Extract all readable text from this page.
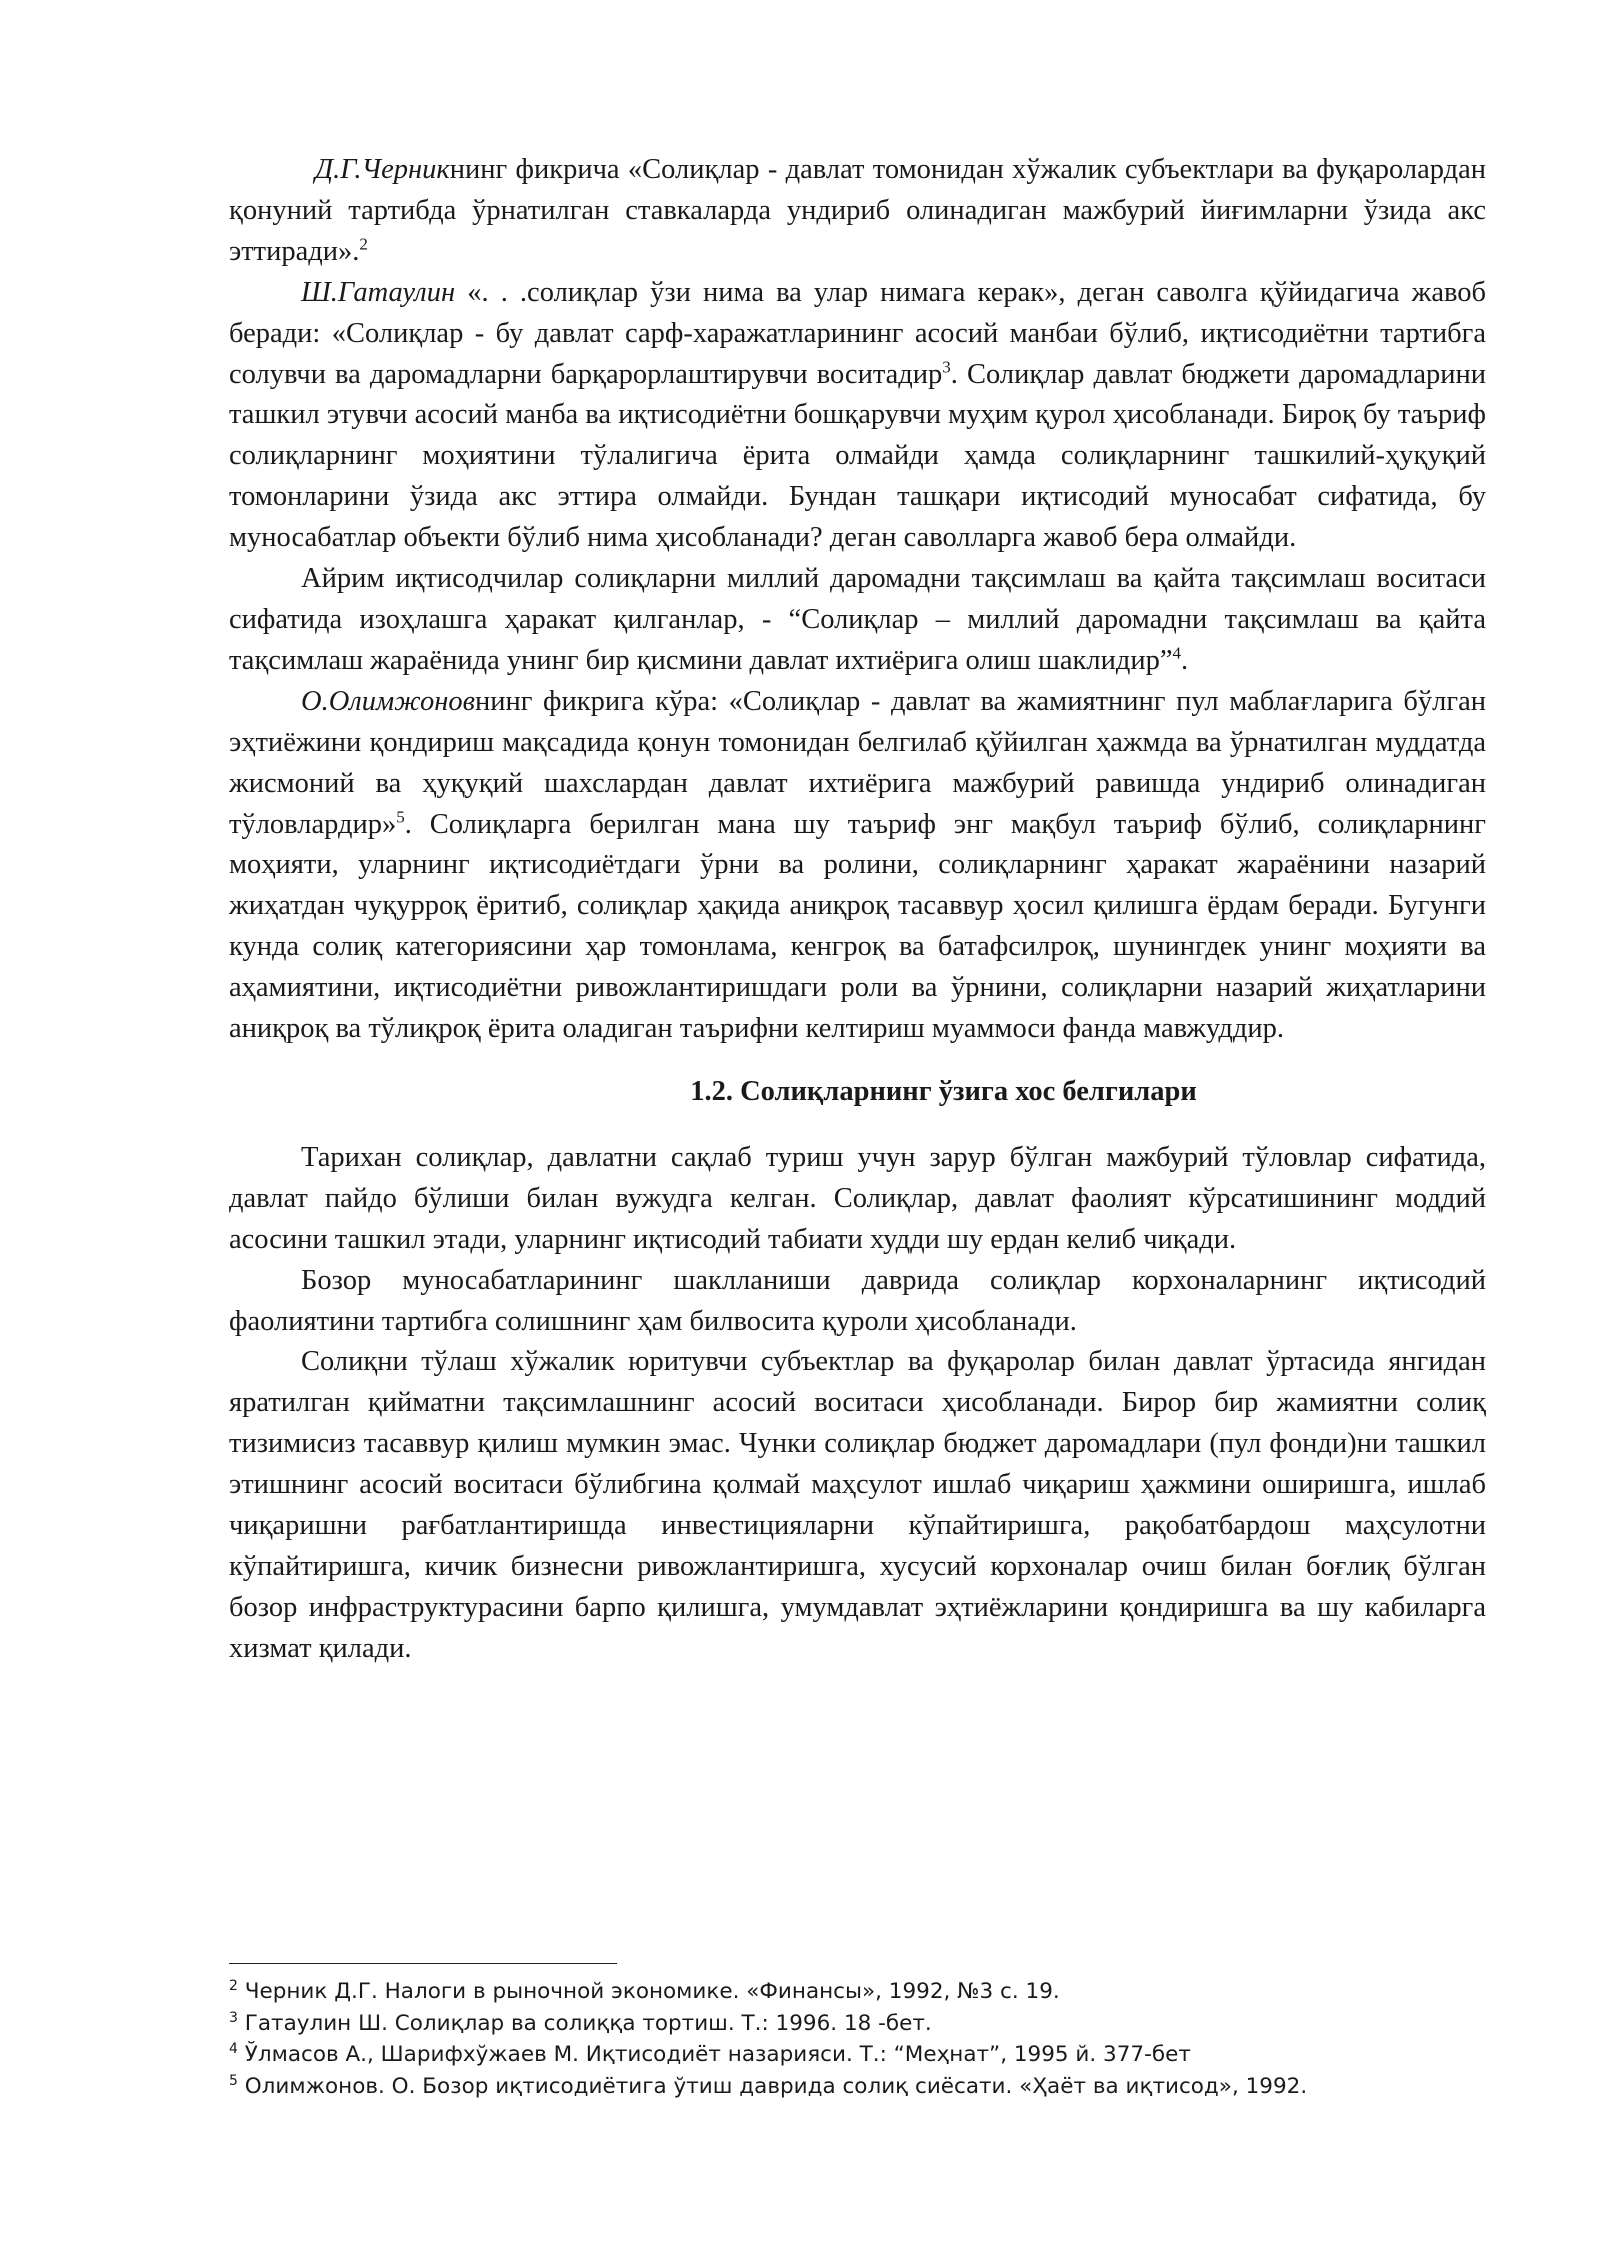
Д.Г.Черникнинг фикрича «Солиқлар - давлат томонидан хўжалик субъектлари ва фуқаролардан қонуний тартибда ўрнатилган ставкаларда ундириб олинадиган мажбурий йиғимларни ўзида акс эттиради».$^2$

Ш.Гатаулин «. . .солиқлар ўзи нима ва улар нимага керак», деган саволга қўйидагича жавоб беради: «Солиқлар - бу давлат сарф-харажатларининг асосий манбаи бўлиб, иқтисодиётни тартибга солувчи ва даромадларни барқарорлаштирувчи воситадир$^3$. Солиқлар давлат бюджети даромадларини ташкил этувчи асосий манба ва иқтисодиётни бошқарувчи муҳим қурол ҳисобланади. Бироқ бу таъриф солиқларнинг моҳиятини тўлалигича ёрита олмайди ҳамда солиқларнинг ташкилий-ҳуқуқий томонларини ўзида акс эттира олмайди. Бундан ташқари иқтисодий муносабат сифатида, бу муносабатлар объекти бўлиб нима ҳисобланади? деган саволларга жавоб бера олмайди.

Айрим иқтисодчилар солиқларни миллий даромадни тақсимлаш ва қайта тақсимлаш воситаси сифатида изоҳлашга ҳаракат қилганлар, - “Солиқлар – миллий даромадни тақсимлаш ва қайта тақсимлаш жараёнида унинг бир қисмини давлат ихтиёрига олиш шаклидир”$^4$.

О.Олимжоновнинг фикрига кўра: «Солиқлар - давлат ва жамиятнинг пул маблағларига бўлган эҳтиёжини қондириш мақсадида қонун томонидан белгилаб қўйилган ҳажмда ва ўрнатилган муддатда жисмоний ва ҳуқуқий шахслардан давлат ихтиёрига мажбурий равишда ундириб олинадиган тўловлардир»$^5$. Солиқларга берилган мана шу таъриф энг мақбул таъриф бўлиб, солиқларнинг моҳияти, уларнинг иқтисодиётдаги ўрни ва ролини, солиқларнинг ҳаракат жараёнини назарий жиҳатдан чуқурроқ ёритиб, солиқлар ҳақида аниқроқ тасаввур ҳосил қилишга ёрдам беради. Бугунги кунда солиқ категориясини ҳар томонлама, кенгроқ ва батафсилроқ, шунингдек унинг моҳияти ва аҳамиятини, иқтисодиётни ривожлантиришдаги роли ва ўрнини, солиқларни назарий жиҳатларини аниқроқ ва тўлиқроқ ёрита оладиган таърифни келтириш муаммоси фанда мавжуддир.

1.2. Солиқларнинг ўзига хос белгилари

Тарихан солиқлар, давлатни сақлаб туриш учун зарур бўлган мажбурий тўловлар сифатида, давлат пайдо бўлиши билан вужудга келган. Солиқлар, давлат фаолият кўрсатишининг моддий асосини ташкил этади, уларнинг иқтисодий табиати худди шу ердан келиб чиқади.

Бозор муносабатларининг шаклланиши даврида солиқлар корхоналарнинг иқтисодий фаолиятини тартибга солишнинг ҳам билвосита қуроли ҳисобланади.

Солиқни тўлаш хўжалик юритувчи субъектлар ва фуқаролар билан давлат ўртасида янгидан яратилган қийматни тақсимлашнинг асосий воситаси ҳисобланади. Бирор бир жамиятни солиқ тизимисиз тасаввур қилиш мумкин эмас. Чунки солиқлар бюджет даромадлари (пул фонди)ни ташкил этишнинг асосий воситаси бўлибгина қолмай маҳсулот ишлаб чиқариш ҳажмини оширишга, ишлаб чиқаришни рағбатлантиришда инвестицияларни кўпайтиришга, рақобатбардош маҳсулотни кўпайтиришга, кичик бизнесни ривожлантиришга, хусусий корхоналар очиш билан боғлиқ бўлган бозор инфраструктурасини барпо қилишга, умумдавлат эҳтиёжларини қондиришга ва шу кабиларга хизмат қилади.

$^2$ Черник Д.Г. Налоги в рыночной экономике. «Финансы», 1992, №3 с. 19.
$^3$ Гатаулин Ш. Солиқлар ва солиққа тортиш. Т.: 1996. 18 -бет.
$^4$ Ўлмасов А., Шарифхўжаев М. Иқтисодиёт назарияси. Т.: “Меҳнат”, 1995 й. 377-бет
$^5$ Олимжонов. О. Бозор иқтисодиётига ўтиш даврида солиқ сиёсати. «Ҳаёт ва иқтисод», 1992.
